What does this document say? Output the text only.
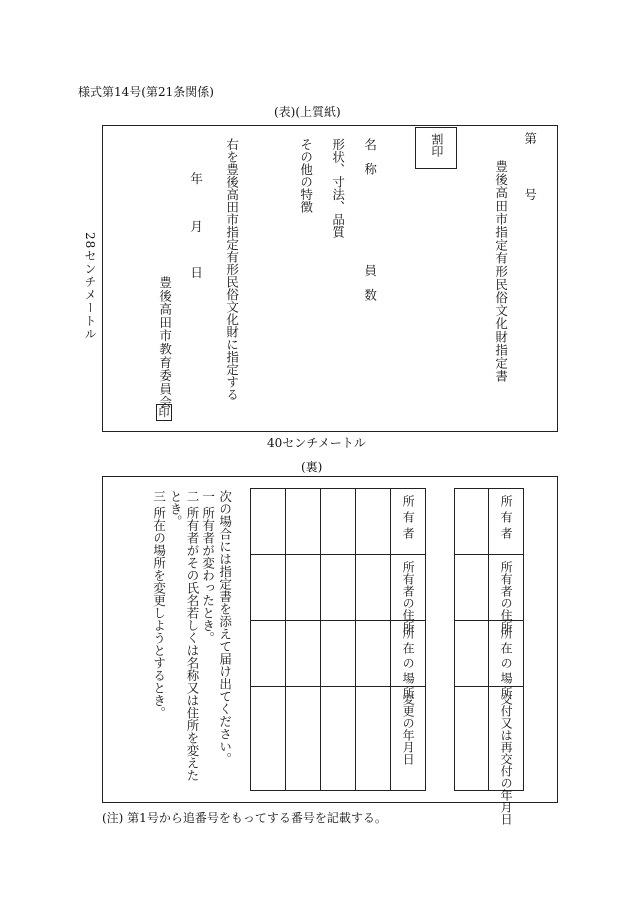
様式第14号(第21条関係)
(表)(上質紙)
28センチメートル
第
号
豊後高田市指定有形民俗文化財指定書
割印
名 称
員 数
形状、寸法、品質
その他の特徴
右を豊後高田市指定有形民俗文化財に指定する
年
月
日
豊後高田市教育委員会
印
40センチメートル
(裏)
次の場合には指定書を添えて届け出てください。
一 所有者が変わったとき。
二 所有者がその氏名若しくは名称又は住所を変えたとき。
三 所在の場所を変更しようとするとき。

				所有者

				所有者の住所

				所在の場所

				変更の年月日

	所有者

	所有者の住所

	所在の場所

	交付又は再交付の年月日
(注) 第1号から追番号をもってする番号を記載する。
